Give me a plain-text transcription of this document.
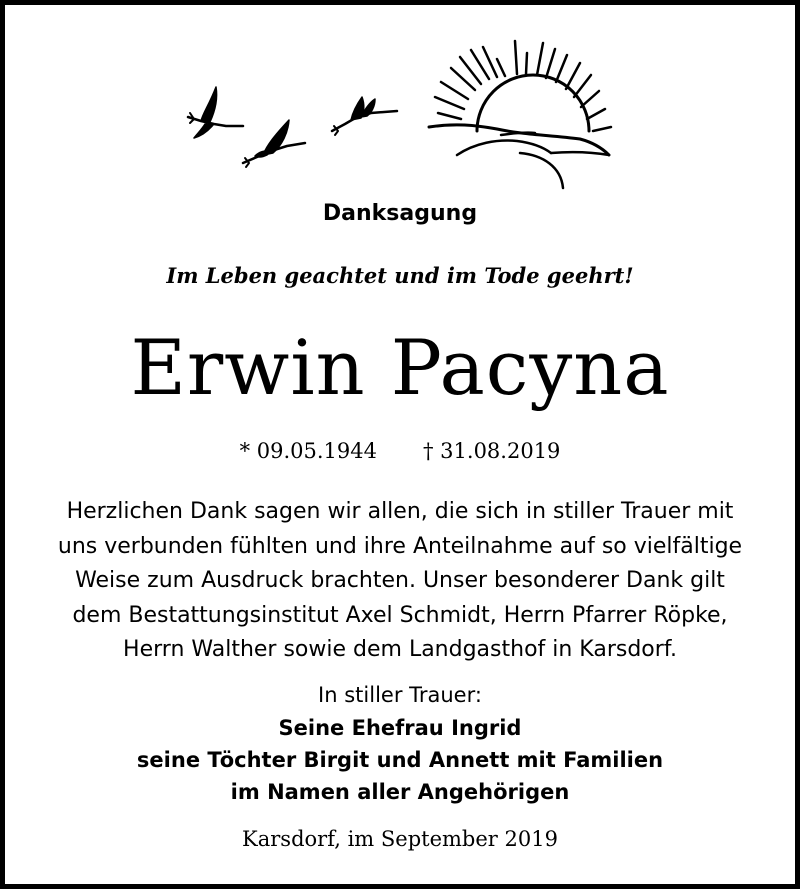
Danksagung
Im Leben geachtet und im Tode geehrt!
Erwin Pacyna
* 09.05.1944 † 31.08.2019
Herzlichen Dank sagen wir allen, die sich in stiller Trauer mit
uns verbunden fühlten und ihre Anteilnahme auf so vielfältige
Weise zum Ausdruck brachten. Unser besonderer Dank gilt
dem Bestattungsinstitut Axel Schmidt, Herrn Pfarrer Röpke,
Herrn Walther sowie dem Landgasthof in Karsdorf.
In stiller Trauer:
Seine Ehefrau Ingrid
seine Töchter Birgit und Annett mit Familien
im Namen aller Angehörigen
Karsdorf, im September 2019
